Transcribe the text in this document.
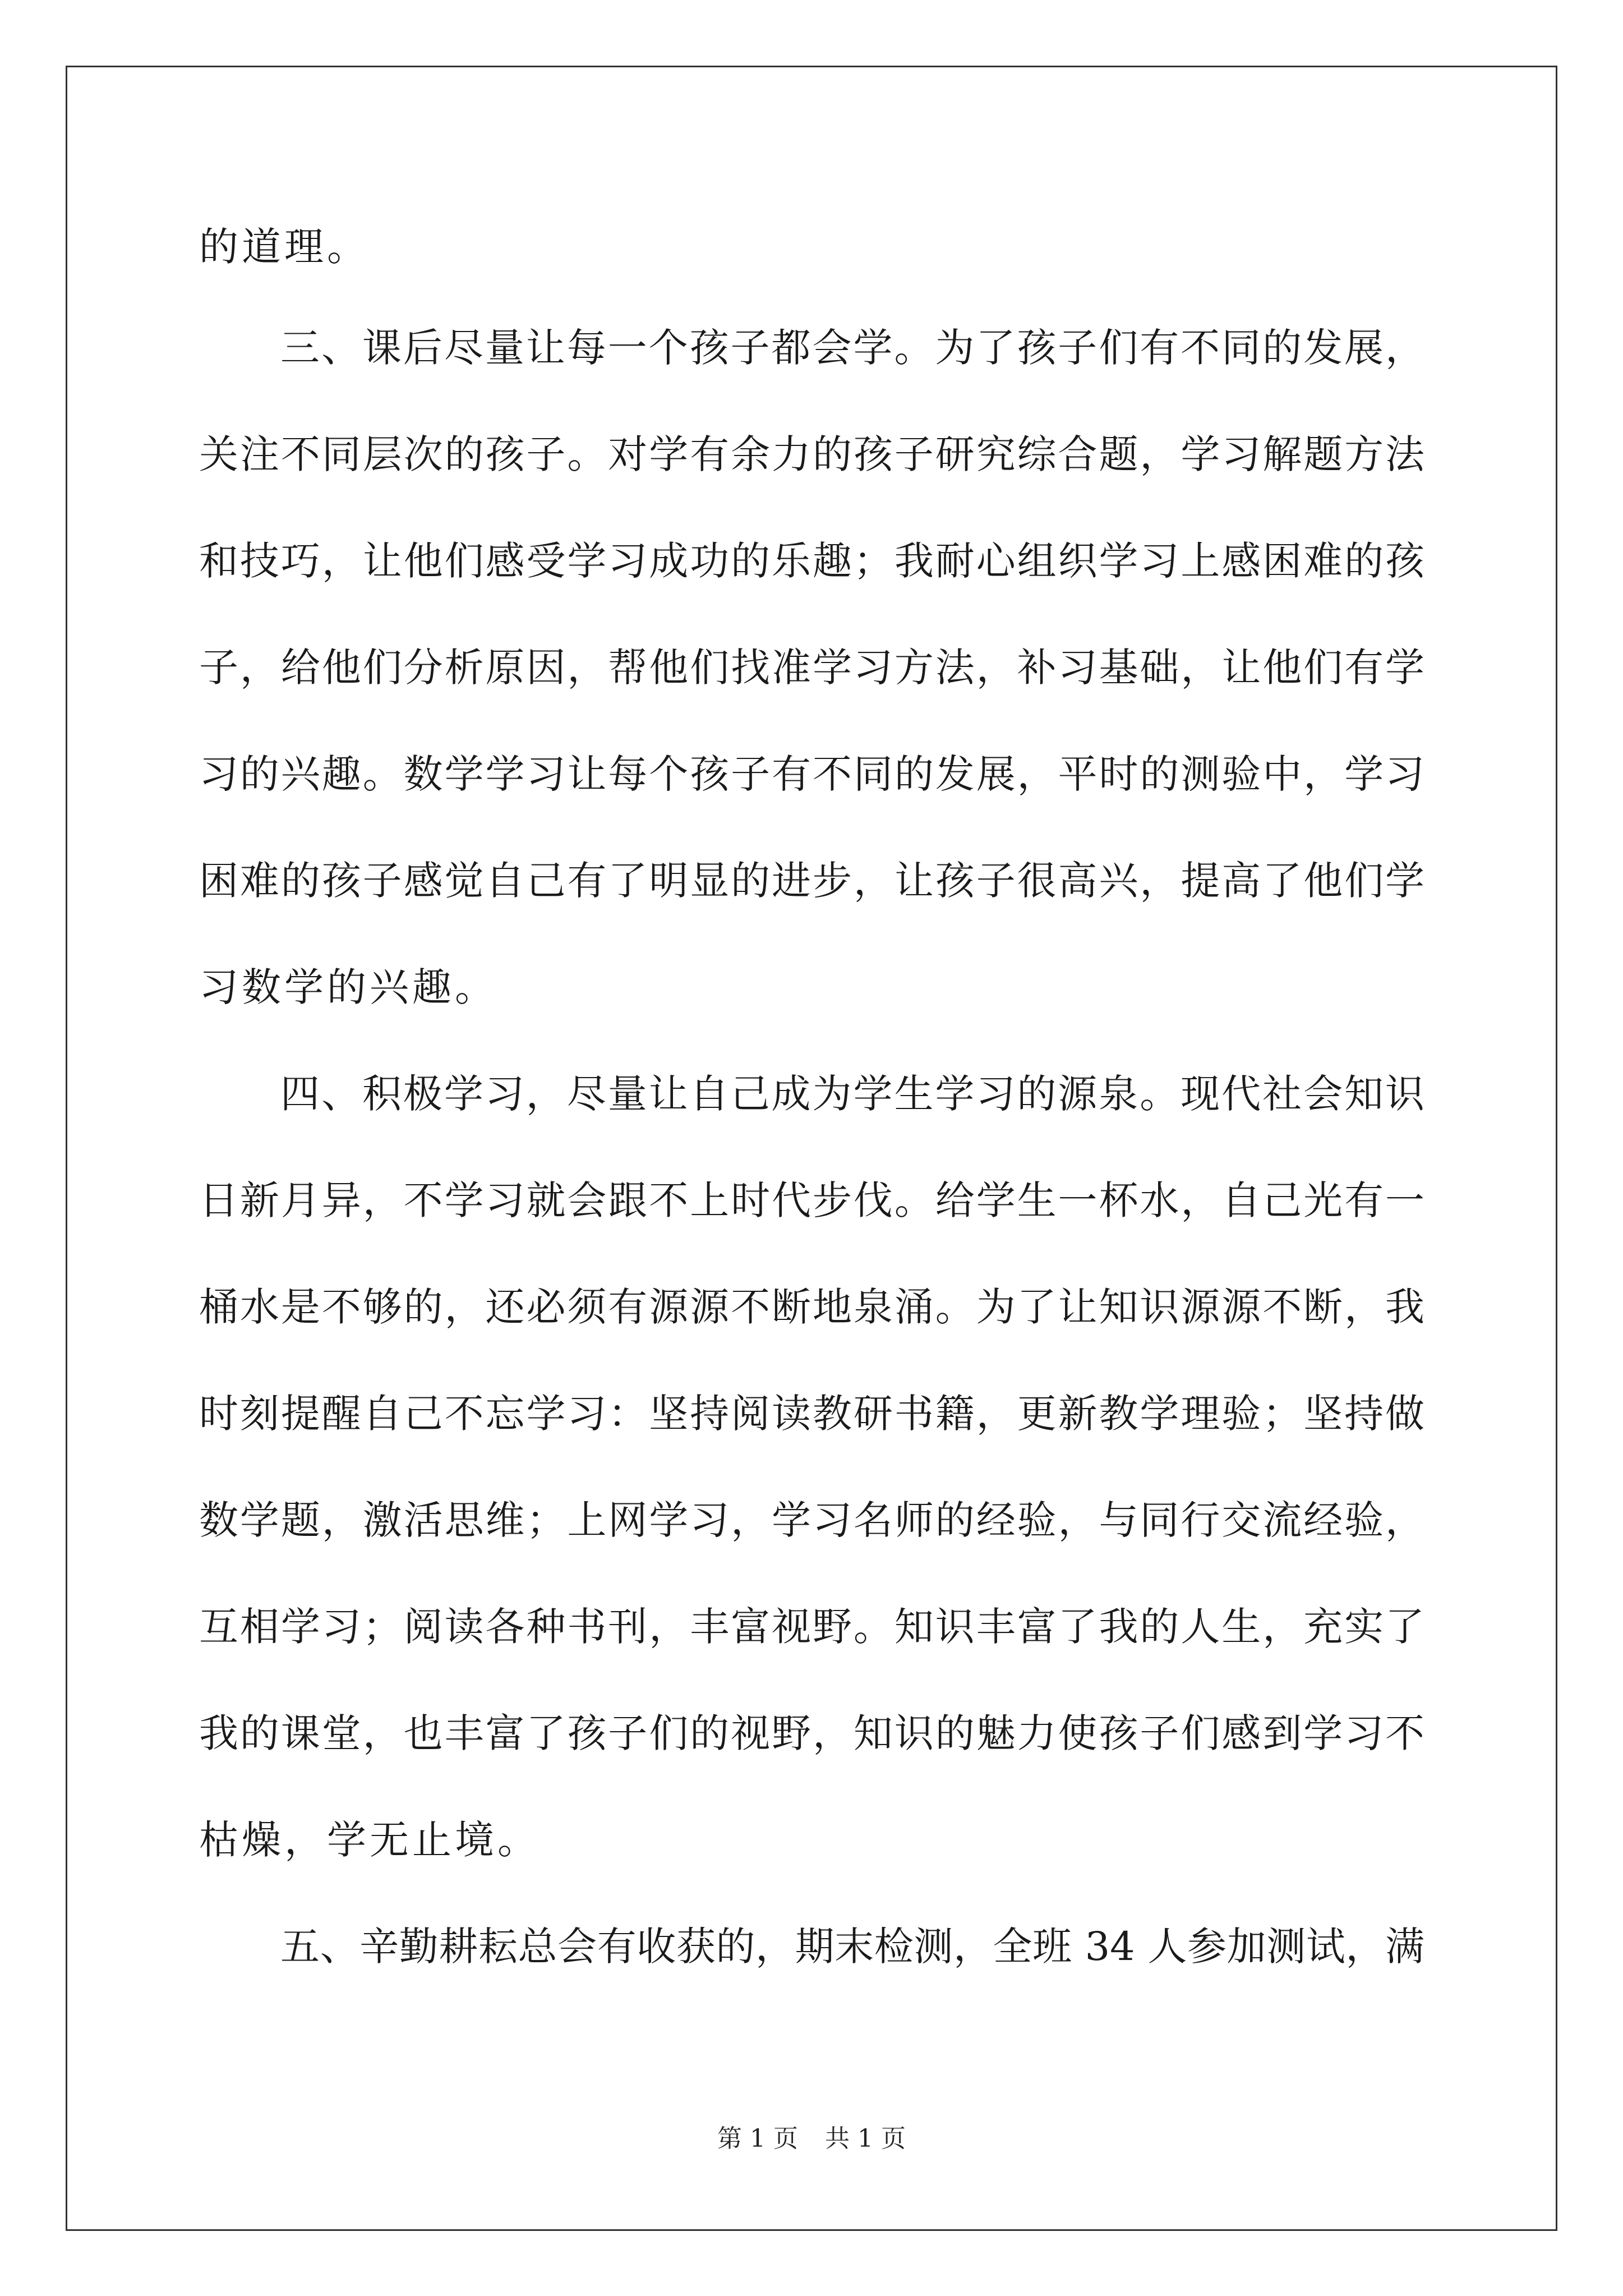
的道理。
三、课后尽量让每一个孩子都会学。为了孩子们有不同的发展，
关注不同层次的孩子。对学有余力的孩子研究综合题，学习解题方法
和技巧，让他们感受学习成功的乐趣；我耐心组织学习上感困难的孩
子，给他们分析原因，帮他们找准学习方法，补习基础，让他们有学
习的兴趣。数学学习让每个孩子有不同的发展，平时的测验中，学习
困难的孩子感觉自己有了明显的进步，让孩子很高兴，提高了他们学
习数学的兴趣。
四、积极学习，尽量让自己成为学生学习的源泉。现代社会知识
日新月异，不学习就会跟不上时代步伐。给学生一杯水，自己光有一
桶水是不够的，还必须有源源不断地泉涌。为了让知识源源不断，我
时刻提醒自己不忘学习：坚持阅读教研书籍，更新教学理验；坚持做
数学题，激活思维；上网学习，学习名师的经验，与同行交流经验，
互相学习；阅读各种书刊，丰富视野。知识丰富了我的人生，充实了
我的课堂，也丰富了孩子们的视野，知识的魅力使孩子们感到学习不
枯燥，学无止境。
五、辛勤耕耘总会有收获的，期末检测，全班 34 人参加测试，满
第 1 页 共 1 页
